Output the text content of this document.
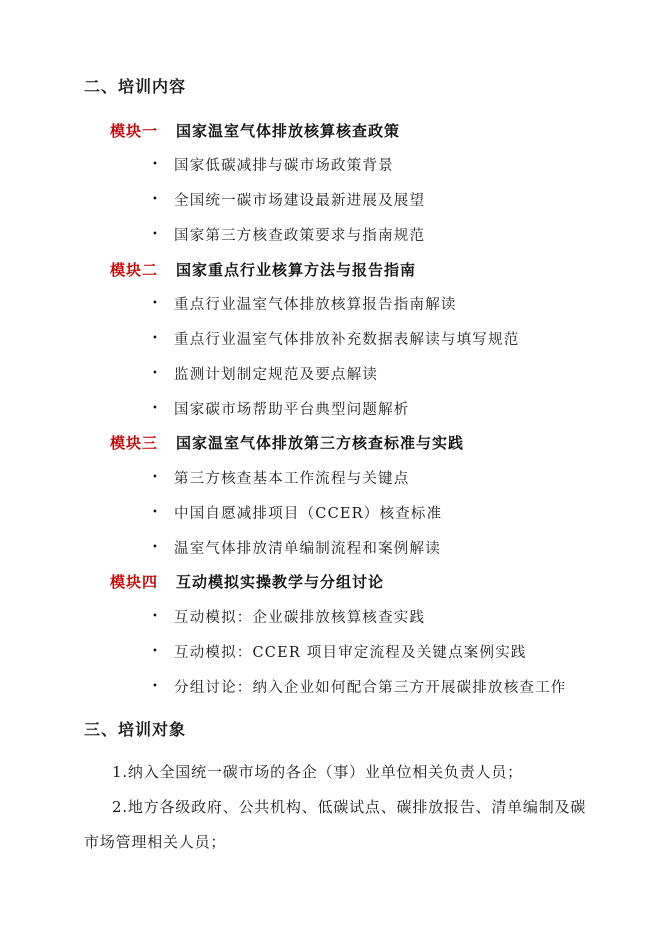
二、培训内容
模块一	国家温室气体排放核算核查政策
•	国家低碳减排与碳市场政策背景
•	全国统一碳市场建设最新进展及展望
•	国家第三方核查政策要求与指南规范
模块二	国家重点行业核算方法与报告指南
•	重点行业温室气体排放核算报告指南解读
•	重点行业温室气体排放补充数据表解读与填写规范
•	监测计划制定规范及要点解读
•	国家碳市场帮助平台典型问题解析
模块三	国家温室气体排放第三方核查标准与实践
•	第三方核查基本工作流程与关键点
•	中国自愿减排项目（CCER）核查标准
•	温室气体排放清单编制流程和案例解读
模块四	互动模拟实操教学与分组讨论
•	互动模拟：企业碳排放核算核查实践
•	互动模拟：CCER 项目审定流程及关键点案例实践
•	分组讨论：纳入企业如何配合第三方开展碳排放核查工作
三、培训对象
1.纳入全国统一碳市场的各企（事）业单位相关负责人员；
2.地方各级政府、公共机构、低碳试点、碳排放报告、清单编制及碳
市场管理相关人员；
